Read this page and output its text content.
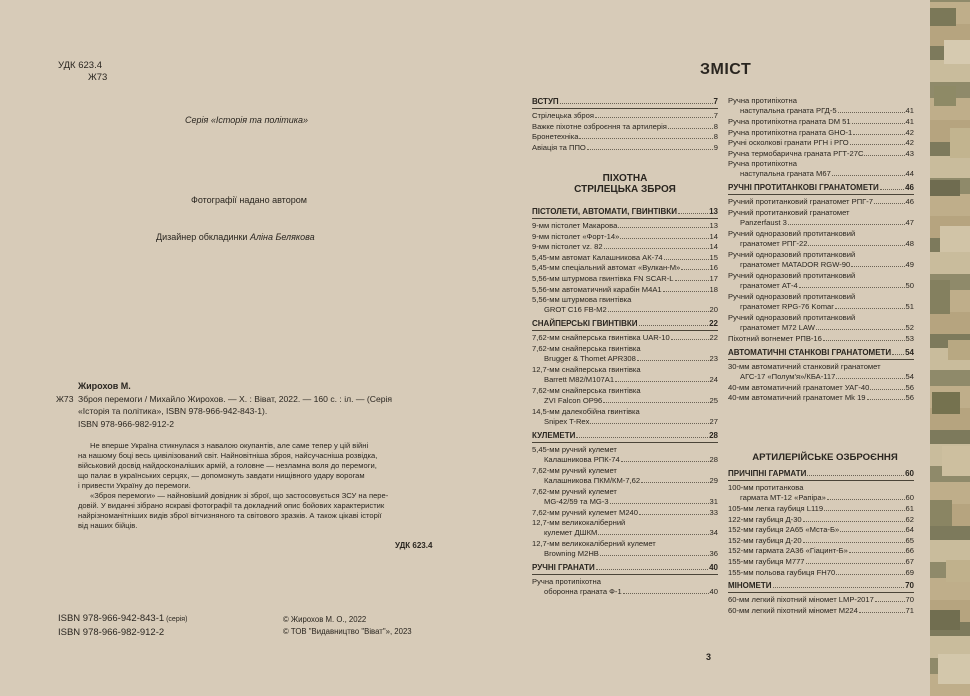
УДК 623.4
Ж73
Серія «Історія та політика»
Фотографії надано автором
Дизайнер обкладинки Аліна Белякова
Жирохов М.
Ж73 Зброя перемоги / Михайло Жирохов. — Х. : Віват, 2022. — 160 с. : іл. — (Серія
«Історія та політика», ISBN 978-966-942-843-1).
ISBN 978-966-982-912-2
Не вперше Україна стикнулася з навалою окупантів, але саме тепер у цій війні
на нашому боці весь цивілізований світ. Найновітніша зброя, найсучасніша розвідка,
військовий досвід найдосконаліших армій, а головне — незламна воля до перемоги,
що палає в українських серцях, — допоможуть завдати нищівного удару ворогам
і привести Україну до перемоги.
«Зброя перемоги» — найновіший довідник зі зброї, що застосовується ЗСУ на пере-
довій. У виданні зібрано яскраві фотографії та докладний опис бойових характеристик
найрізноманітніших видів зброї вітчизняного та світового зразків. А також цікаві історії
від наших бійців.
УДК 623.4
ISBN 978-966-942-843-1 (серія)
ISBN 978-966-982-912-2
© Жирохов М. О., 2022
© ТОВ "Видавництво "Віват"», 2023
ЗМІСТ
ВСТУП	7
Стрілецька зброя	7
Важке піхотне озброєння та артилерія	8
Бронетехніка	8
Авіація та ППО	9
ПІСТОЛЕТИ, АВТОМАТИ, ГВИНТІВКИ	13
9-мм пістолет Макарова	13
9-мм пістолет «Форт-14»	14
9-мм пістолет vz. 82	14
5,45-мм автомат Калашникова АК-74	15
5,45-мм спеціальний автомат «Вулкан-М»	16
5,56-мм штурмова гвинтівка FN SCAR-L	17
5,56-мм автоматичний карабін М4А1	18
5,56-мм штурмова гвинтівка
GROT C16 FB-M2	20
СНАЙПЕРСЬКІ ГВИНТІВКИ	22
7,62-мм снайперська гвинтівка UAR-10	22
7,62-мм снайперська гвинтівка
Brugger & Thomet APR308	23
12,7-мм снайперська гвинтівка
Barrett M82/M107A1	24
7,62-мм снайперська гвинтівка
ZVI Falcon OP96	25
14,5-мм далекобійна гвинтівка
Snipex T-Rex	27
КУЛЕМЕТИ	28
5,45-мм ручний кулемет
Калашникова РПК-74	28
7,62-мм ручний кулемет
Калашникова ПКМ/КМ-7,62	29
7,62-мм ручний кулемет
MG-42/59 та MG-3	31
7,62-мм ручний кулемет M240	33
12,7-мм великокаліберний
кулемет ДШКМ	34
12,7-мм великокаліберний кулемет
Browning M2HB	36
РУЧНІ ГРАНАТИ	40
Ручна протипіхотна
оборонна граната Ф-1	40
Ручна протипіхотна
наступальна граната РГД-5	41
Ручна протипіхотна граната DM 51	41
Ручна протипіхотна граната GHO-1	42
Ручні осколкові гранати РГН і РГО	42
Ручна термобарична граната РГТ-27С	43
Ручна протипіхотна
наступальна граната M67	44
РУЧНІ ПРОТИТАНКОВІ ГРАНАТОМЕТИ	46
Ручний протитанковий гранатомет РПГ-7	46
Ручний протитанковий гранатомет
Panzerfaust 3	47
Ручний одноразовий протитанковий
гранатомет РПГ-22	48
Ручний одноразовий протитанковий
гранатомет MATADOR RGW-90	49
Ручний одноразовий протитанковий
гранатомет АТ-4	50
Ручний одноразовий протитанковий
гранатомет RPG-76 Komar	51
Ручний одноразовий протитанковий
гранатомет M72 LAW	52
Піхотний вогнемет РПВ-16	53
АВТОМАТИЧНІ СТАНКОВІ ГРАНАТОМЕТИ 54
30-мм автоматичний станковий гранатомет
АГС-17 «Полум'я»/КБА-117	54
40-мм автоматичний гранатомет УАГ-40	56
40-мм автоматичний гранатомет Mk 19	56
ПРИЧІПНІ ГАРМАТИ	60
100-мм протитанкова
гармата МТ-12 «Рапіра»	60
105-мм легка гаубиця L119	61
122-мм гаубиця Д-30	62
152-мм гаубиця 2А65 «Мста-Б»	64
152-мм гаубиця Д-20	65
152-мм гармата 2А36 «Гіацинт-Б»	66
155-мм гаубиця M777	67
155-мм польова гаубиця FH70	69
МІНОМЕТИ	70
60-мм легкий піхотний міномет LMP-2017	70
60-мм легкий піхотний міномет M224	71
ПІХОТНА
СТРІЛЕЦЬКА ЗБРОЯ
АРТИЛЕРІЙСЬКЕ ОЗБРОЄННЯ
3
